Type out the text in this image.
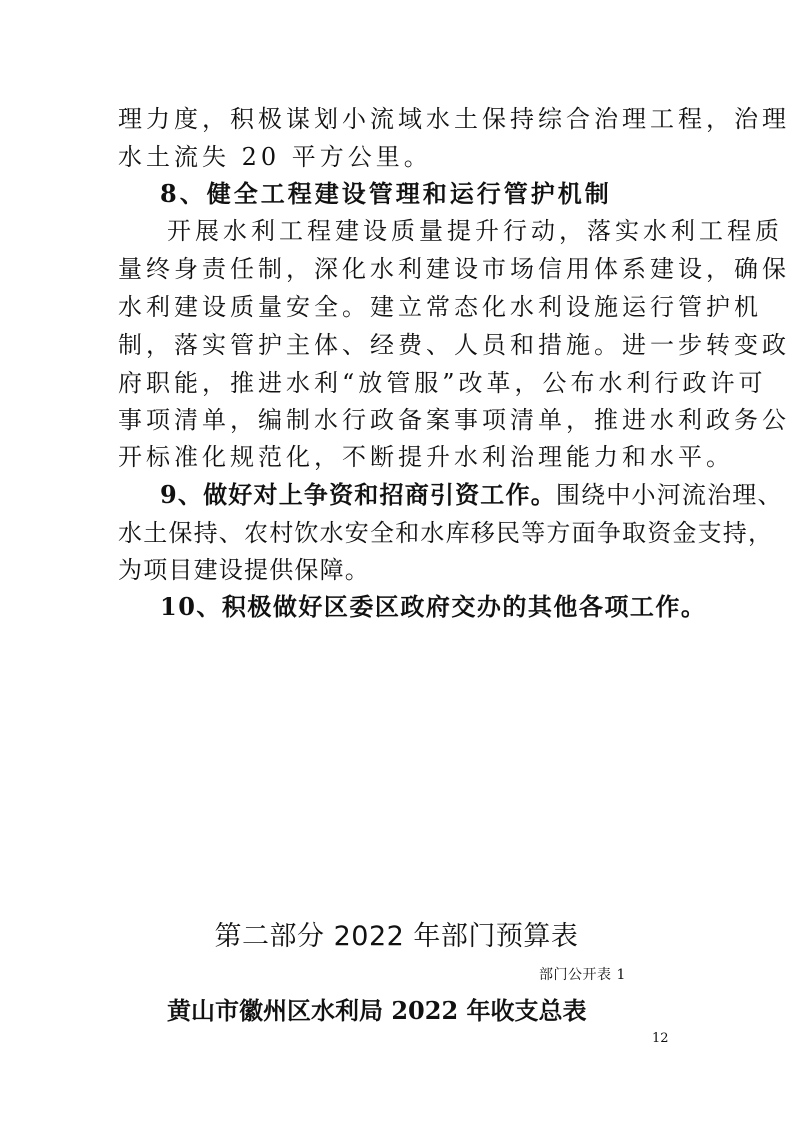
理力度，积极谋划小流域水土保持综合治理工程，治理
水土流失 20 平方公里。
8、健全工程建设管理和运行管护机制
开展水利工程建设质量提升行动，落实水利工程质
量终身责任制，深化水利建设市场信用体系建设，确保
水利建设质量安全。建立常态化水利设施运行管护机
制，落实管护主体、经费、人员和措施。进一步转变政
府职能，推进水利“放管服”改革，公布水利行政许可
事项清单，编制水行政备案事项清单，推进水利政务公
开标准化规范化，不断提升水利治理能力和水平。
9、做好对上争资和招商引资工作。围绕中小河流治理、
水土保持、农村饮水安全和水库移民等方面争取资金支持，
为项目建设提供保障。
10、积极做好区委区政府交办的其他各项工作。
第二部分 2022 年部门预算表
部门公开表 1
黄山市徽州区水利局 2022 年收支总表
12
